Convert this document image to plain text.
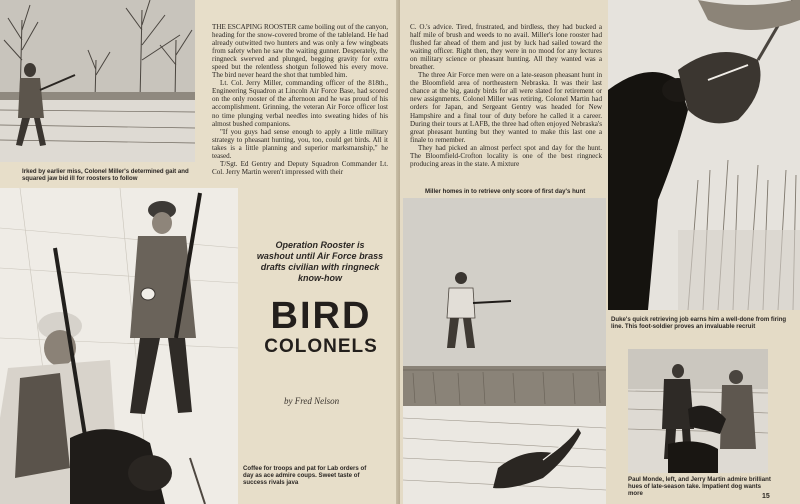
Irked by earlier miss, Colonel Miller's determined gait and squared jaw bid ill for roosters to follow

THE ESCAPING ROOSTER came boiling out of the canyon, heading for the snow-covered brome of the tableland. He had already outwitted two hunters and was only a few wingbeats from safety when he saw the waiting gunner. Desperately, the ringneck swerved and plunged, begging gravity for extra speed but the relentless shotgun followed his every move. The bird never heard the shot that tumbled him.

Lt. Col. Jerry Miller, commanding officer of the 818th., Engineering Squadron at Lincoln Air Force Base, had scored on the only rooster of the afternoon and he was proud of his accomplishment. Grinning, the veteran Air Force officer lost no time plunging verbal needles into sweating hides of his almost bushed companions.

"If you guys had sense enough to apply a little military strategy to pheasant hunting, you, too, could get birds. All it takes is a little planning and superior marksmanship," he teased.

T/Sgt. Ed Gentry and Deputy Squadron Commander Lt. Col. Jerry Martin weren't impressed with their

Operation Rooster is washout until Air Force brass drafts civilian with ringneck know-how

BIRD

COLONELS

by Fred Nelson

Coffee for troops and pat for Lab orders of day as ace admire coups. Sweet taste of success rivals java

C. O.'s advice. Tired, frustrated, and birdless, they had bucked a half mile of brush and weeds to no avail. Miller's lone rooster had flushed far ahead of them and just by luck had sailed toward the waiting officer. Right then, they were in no mood for any lectures on military science or pheasant hunting. All they wanted was a breather.

The three Air Force men were on a late-season pheasant hunt in the Bloomfield area of northeastern Nebraska. It was their last chance at the big, gaudy birds for all were slated for retirement or new assignments. Colonel Miller was retiring. Colonel Martin had orders for Japan, and Sergeant Gentry was headed for New Hampshire and a final tour of duty before he called it a career. During their tours at LAFB, the three had often enjoyed Nebraska's great pheasant hunting but they wanted to make this last one a finale to remember.

They had picked an almost perfect spot and day for the hunt. The Bloomfield-Crofton locality is one of the best ringneck producing areas in the state. A mixture

Miller homes in to retrieve only score of first day's hunt

Duke's quick retrieving job earns him a well-done from firing line. This foot-soldier proves an invaluable recruit

Paul Monde, left, and Jerry Martin admire brilliant hues of late-season take. Impatient dog wants more	15
